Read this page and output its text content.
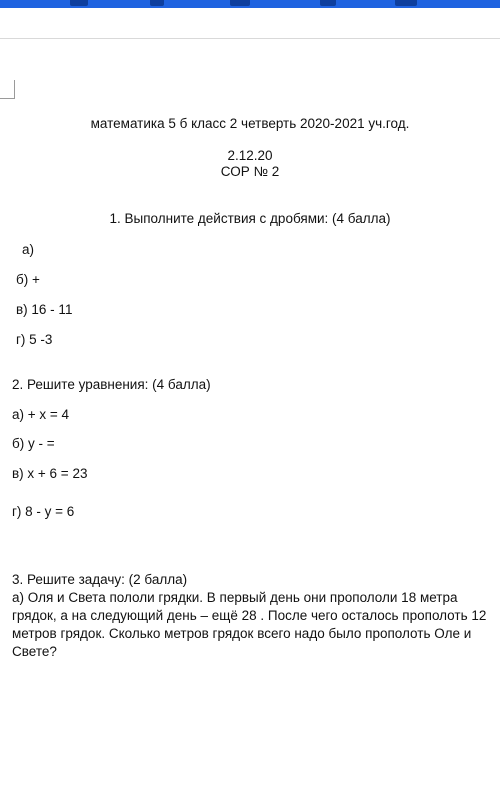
математика 5 б класс 2 четверть 2020-2021 уч.год.
2.12.20
СОР № 2
1. Выполните действия с дробями: (4 балла)
а)
б) +
в) 16 - 11
г) 5 -3
2. Решите уравнения: (4 балла)
а) + х = 4
б) у - =
в) х + 6 = 23
г) 8 - у = 6
3. Решите задачу: (2 балла)
а) Оля и Света пололи грядки. В первый день они пропололи 18 метра грядок, а на следующий день – ещё 28 . После чего осталось прополоть 12 метров грядок. Сколько метров грядок всего надо было прополоть Оле и Свете?
